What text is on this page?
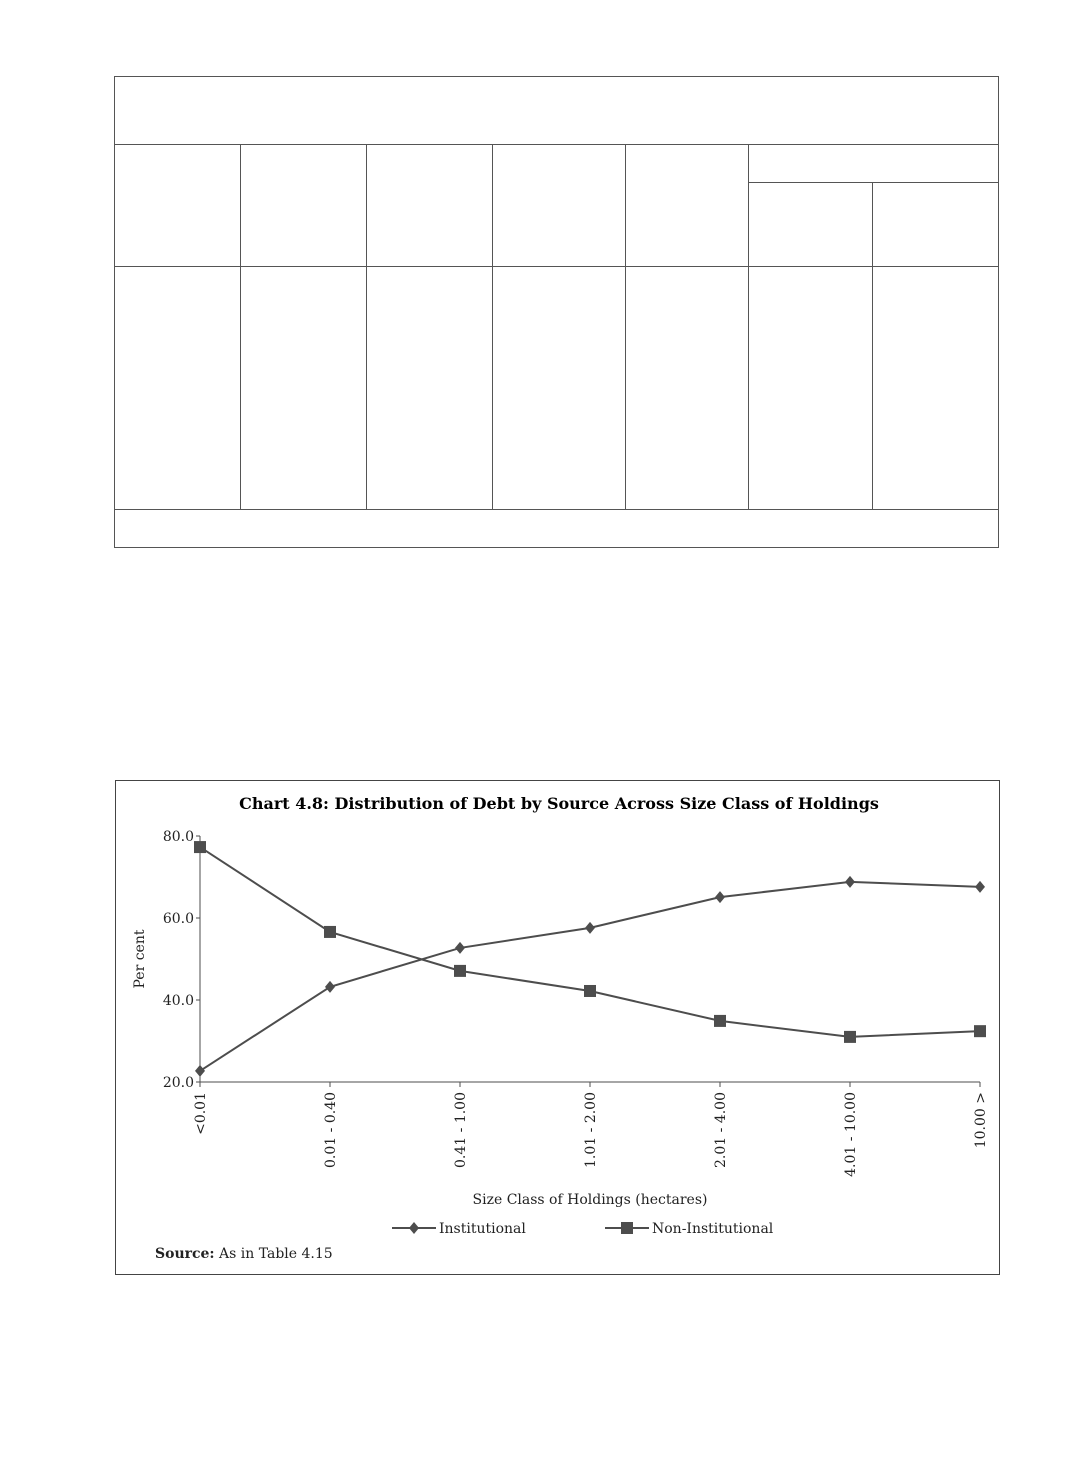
Chart 4.8: Distribution of Debt by Source Across Size Class of Holdings
20.0
40.0
60.0
80.0
<0.01	0.01 - 0.40	0.41 - 1.00	1.01 - 2.00	2.01 - 4.00	4.01 - 10.00	10.00 >
Per cent
Size Class of Holdings (hectares)
Institutional	Non-Institutional
Source: As in Table 4.15
